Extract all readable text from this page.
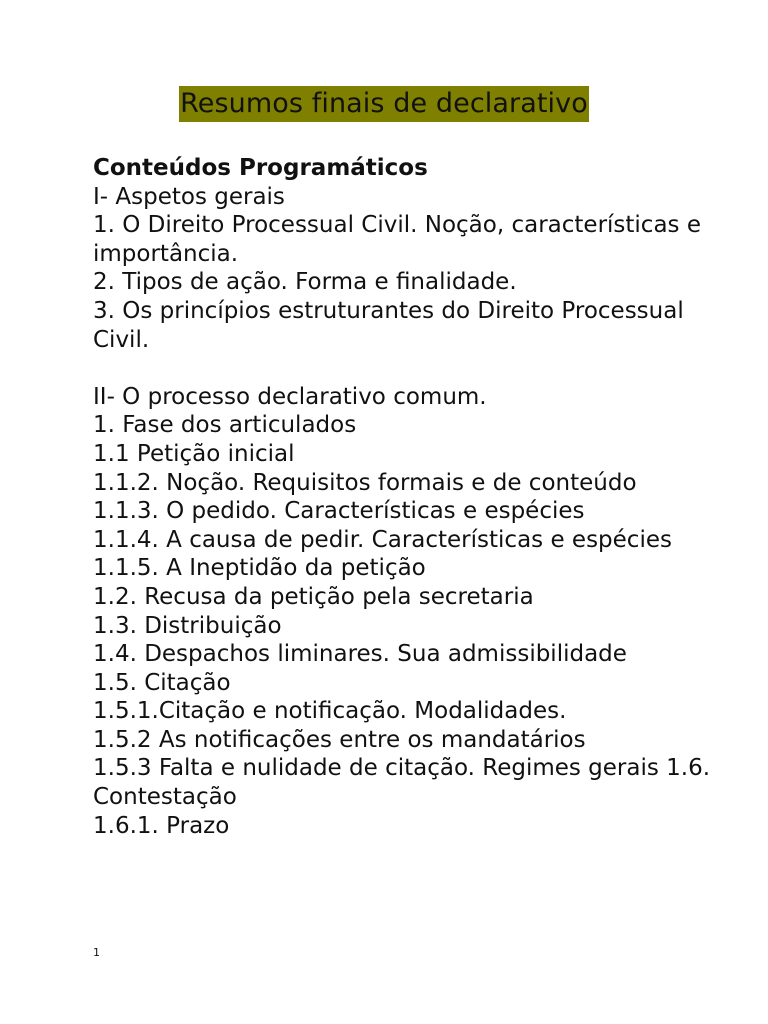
Resumos finais de declarativo

Conteúdos Programáticos

I- Aspetos gerais

1. O Direito Processual Civil. Noção, características e importância.

2. Tipos de ação. Forma e finalidade.

3. Os princípios estruturantes do Direito Processual Civil.

II- O processo declarativo comum.

1. Fase dos articulados

1.1 Petição inicial

1.1.2. Noção. Requisitos formais e de conteúdo

1.1.3. O pedido. Características e espécies

1.1.4. A causa de pedir. Características e espécies

1.1.5. A Ineptidão da petição

1.2. Recusa da petição pela secretaria

1.3. Distribuição

1.4. Despachos liminares. Sua admissibilidade

1.5. Citação

1.5.1.Citação e notificação. Modalidades.

1.5.2 As notificações entre os mandatários

1.5.3 Falta e nulidade de citação. Regimes gerais 1.6. Contestação

1.6.1. Prazo

1
